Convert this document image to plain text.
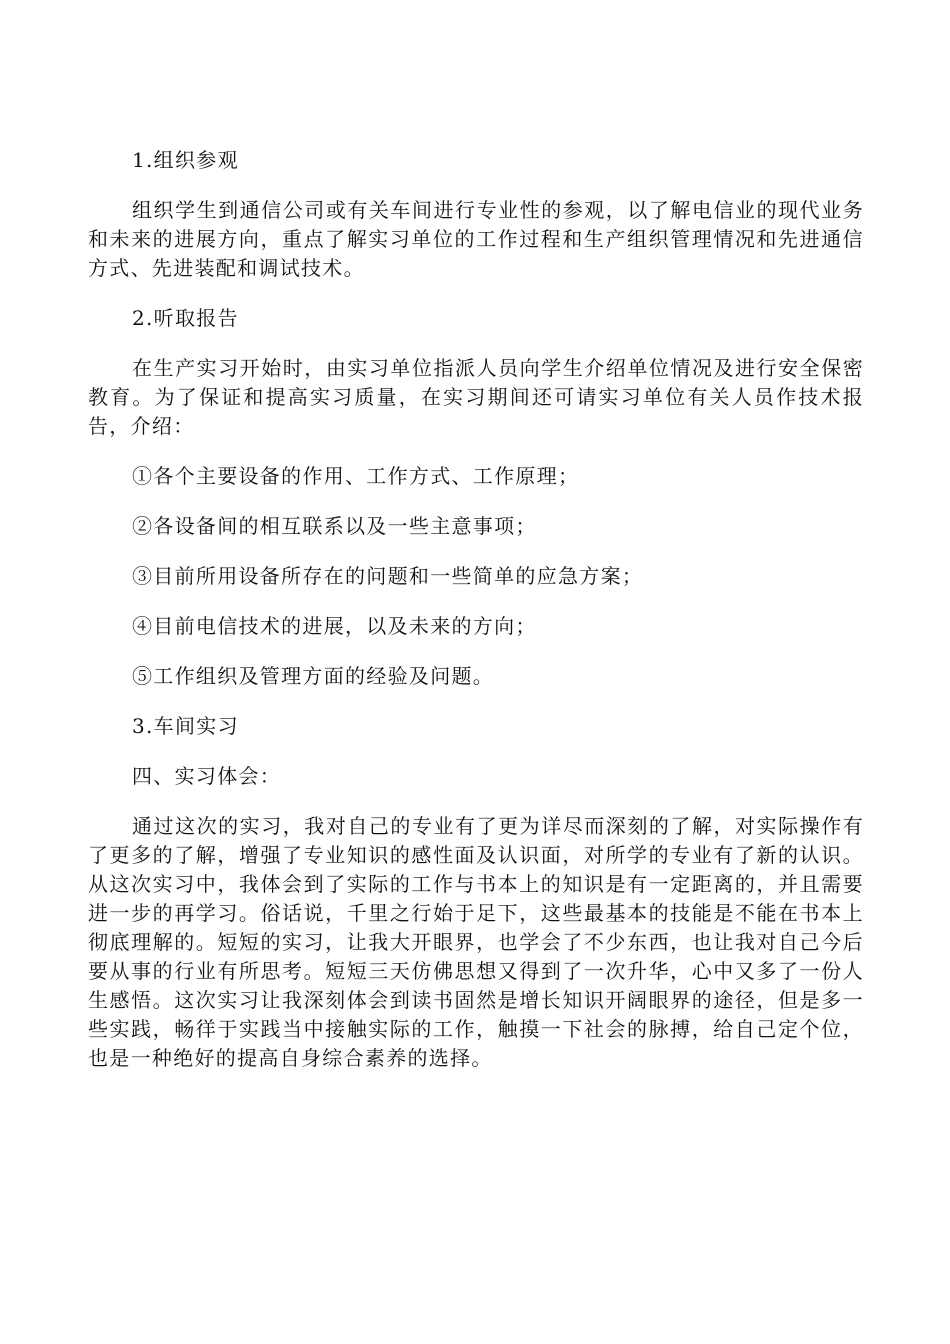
1.组织参观

组织学生到通信公司或有关车间进行专业性的参观，以了解电信业的现代业务和未来的进展方向，重点了解实习单位的工作过程和生产组织管理情况和先进通信方式、先进装配和调试技术。

2.听取报告

在生产实习开始时，由实习单位指派人员向学生介绍单位情况及进行安全保密教育。为了保证和提高实习质量，在实习期间还可请实习单位有关人员作技术报告，介绍：

①各个主要设备的作用、工作方式、工作原理；

②各设备间的相互联系以及一些主意事项；

③目前所用设备所存在的问题和一些简单的应急方案；

④目前电信技术的进展，以及未来的方向；

⑤工作组织及管理方面的经验及问题。

3.车间实习

四、实习体会：

通过这次的实习，我对自己的专业有了更为详尽而深刻的了解，对实际操作有了更多的了解，增强了专业知识的感性面及认识面，对所学的专业有了新的认识。从这次实习中，我体会到了实际的工作与书本上的知识是有一定距离的，并且需要进一步的再学习。俗话说，千里之行始于足下，这些最基本的技能是不能在书本上彻底理解的。短短的实习，让我大开眼界，也学会了不少东西，也让我对自己今后要从事的行业有所思考。短短三天仿佛思想又得到了一次升华，心中又多了一份人生感悟。这次实习让我深刻体会到读书固然是增长知识开阔眼界的途径，但是多一些实践，畅徉于实践当中接触实际的工作，触摸一下社会的脉搏，给自己定个位，也是一种绝好的提高自身综合素养的选择。
